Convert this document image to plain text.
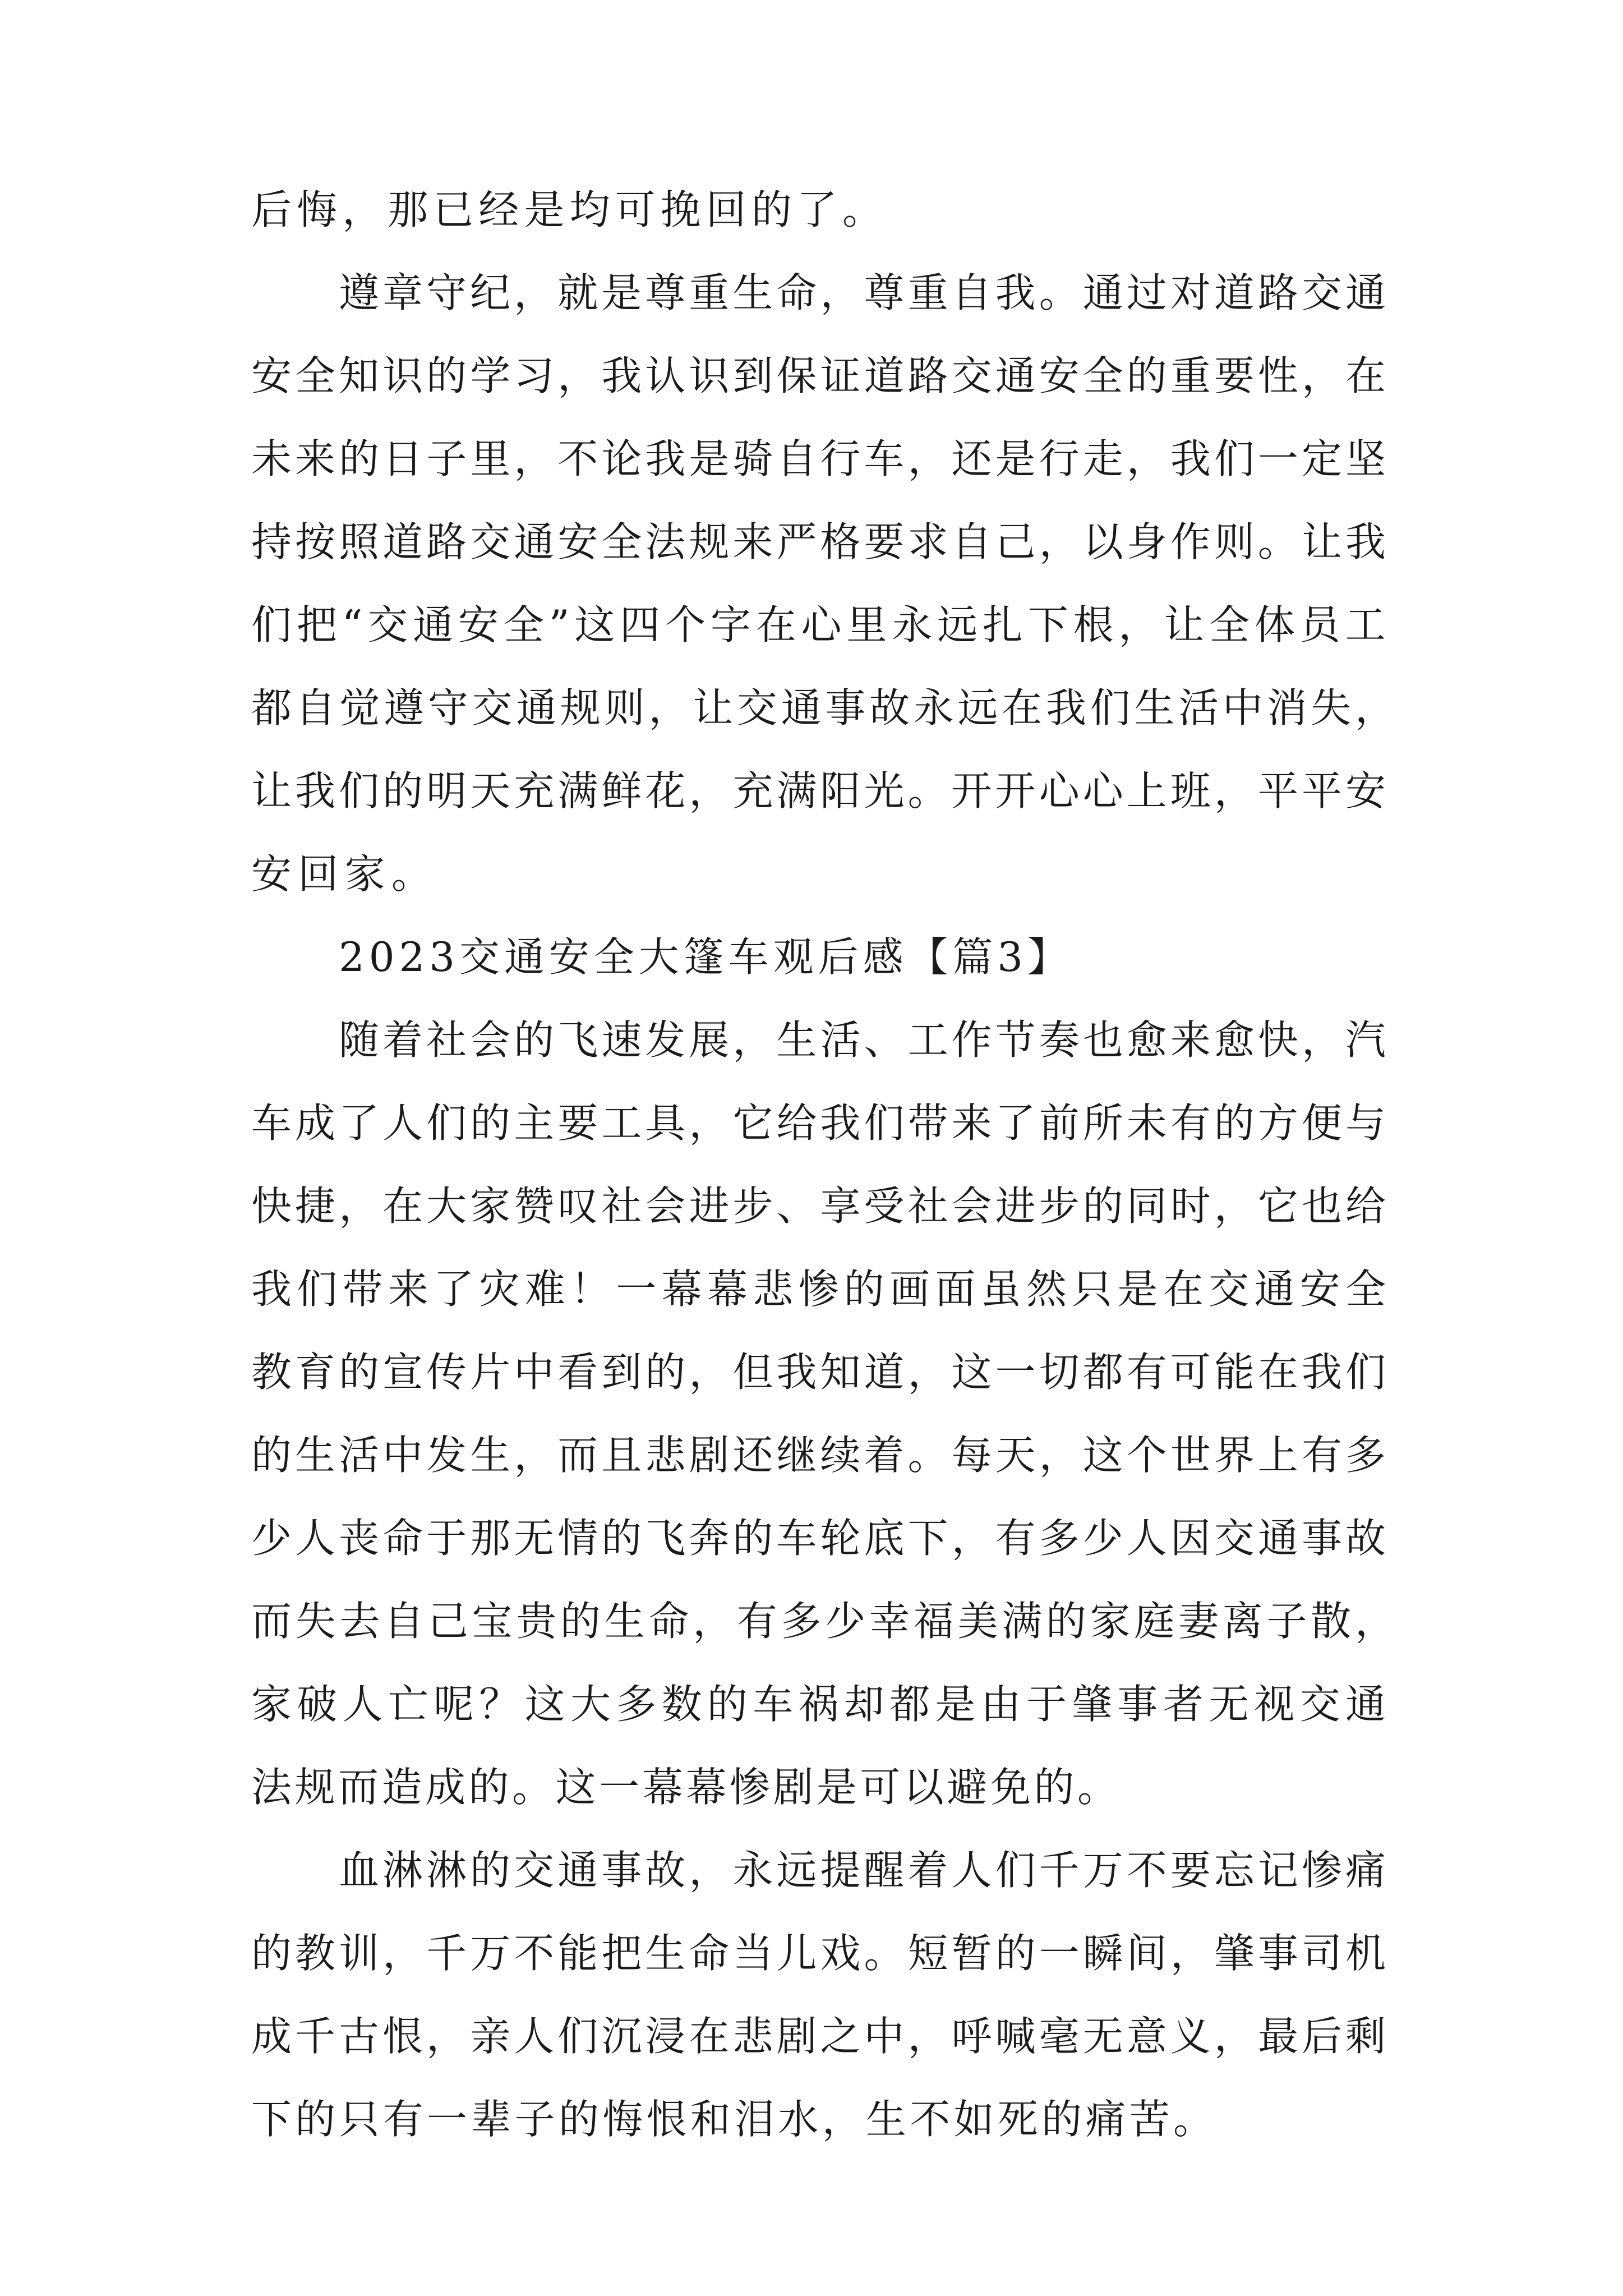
后悔，那已经是均可挽回的了。
遵章守纪，就是尊重生命，尊重自我。通过对道路交通
安全知识的学习，我认识到保证道路交通安全的重要性，在
未来的日子里，不论我是骑自行车，还是行走，我们一定坚
持按照道路交通安全法规来严格要求自己，以身作则。让我
们把“交通安全”这四个字在心里永远扎下根，让全体员工
都自觉遵守交通规则，让交通事故永远在我们生活中消失，
让我们的明天充满鲜花，充满阳光。开开心心上班，平平安
安回家。
2023交通安全大篷车观后感【篇3】
随着社会的飞速发展，生活、工作节奏也愈来愈快，汽
车成了人们的主要工具，它给我们带来了前所未有的方便与
快捷，在大家赞叹社会进步、享受社会进步的同时，它也给
我们带来了灾难！一幕幕悲惨的画面虽然只是在交通安全
教育的宣传片中看到的，但我知道，这一切都有可能在我们
的生活中发生，而且悲剧还继续着。每天，这个世界上有多
少人丧命于那无情的飞奔的车轮底下，有多少人因交通事故
而失去自己宝贵的生命，有多少幸福美满的家庭妻离子散，
家破人亡呢？这大多数的车祸却都是由于肇事者无视交通
法规而造成的。这一幕幕惨剧是可以避免的。
血淋淋的交通事故，永远提醒着人们千万不要忘记惨痛
的教训，千万不能把生命当儿戏。短暂的一瞬间，肇事司机
成千古恨，亲人们沉浸在悲剧之中，呼喊毫无意义，最后剩
下的只有一辈子的悔恨和泪水，生不如死的痛苦。
